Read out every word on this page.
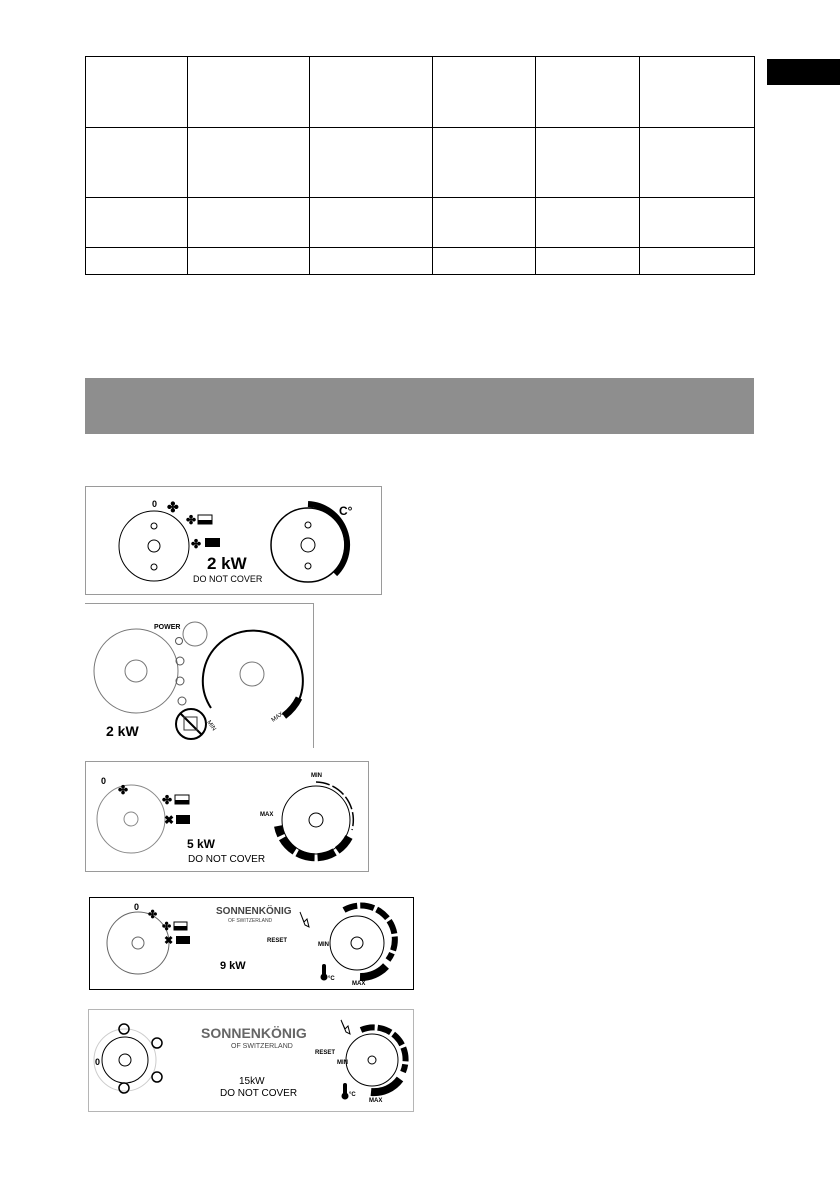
0 ✤
✤
✤
2 kW
DO NOT COVER
C°
POWER
MIN
MAX
2 kW
0
✤
✤
✖
5 kW
DO NOT COVER
MIN
MAX
0
✤
✤
✖
SONNENKÖNIG
OF SWITZERLAND
RESET
9 kW
MIN
MAX
°C
0
SONNENKÖNIG
OF SWITZERLAND
15kW
DO NOT COVER
RESET
MIN
MAX
°C
